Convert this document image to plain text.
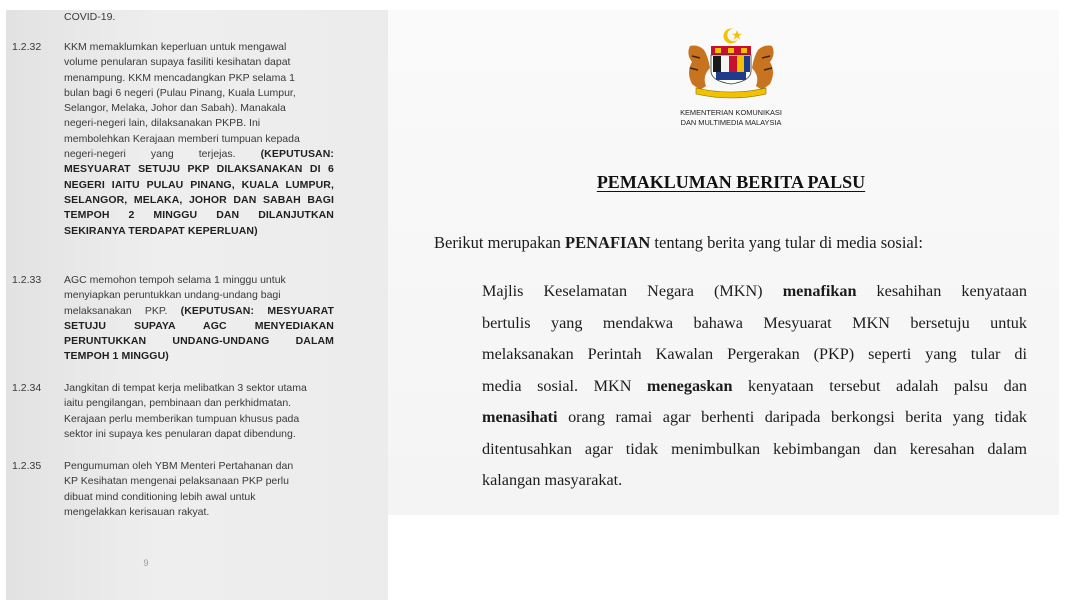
COVID-19.
1.2.32 KKM memaklumkan keperluan untuk mengawal
volume penularan supaya fasiliti kesihatan dapat
menampung. KKM mencadangkan PKP selama 1
bulan bagi 6 negeri (Pulau Pinang, Kuala Lumpur,
Selangor, Melaka, Johor dan Sabah). Manakala
negeri-negeri lain, dilaksanakan PKPB. Ini
membolehkan Kerajaan memberi tumpuan kepada
negeri-negeri yang terjejas. (KEPUTUSAN: MESYUARAT SETUJU PKP DILAKSANAKAN DI 6 NEGERI IAITU PULAU PINANG, KUALA LUMPUR, SELANGOR, MELAKA, JOHOR DAN SABAH BAGI TEMPOH 2 MINGGU DAN DILANJUTKAN SEKIRANYA TERDAPAT KEPERLUAN)
1.2.33 AGC memohon tempoh selama 1 minggu untuk
menyiapkan peruntukkan undang-undang bagi
melaksanakan PKP. (KEPUTUSAN: MESYUARAT SETUJU SUPAYA AGC MENYEDIAKAN PERUNTUKKAN UNDANG-UNDANG DALAM TEMPOH 1 MINGGU)
1.2.34 Jangkitan di tempat kerja melibatkan 3 sektor utama
iaitu pengilangan, pembinaan dan perkhidmatan.
Kerajaan perlu memberikan tumpuan khusus pada
sektor ini supaya kes penularan dapat dibendung.
1.2.35 Pengumuman oleh YBM Menteri Pertahanan dan
KP Kesihatan mengenai pelaksanaan PKP perlu
dibuat mind conditioning lebih awal untuk
mengelakkan kerisauan rakyat.
9
KEMENTERIAN KOMUNIKASI
DAN MULTIMEDIA MALAYSIA
PEMAKLUMAN BERITA PALSU
Berikut merupakan PENAFIAN tentang berita yang tular di media sosial:
Majlis Keselamatan Negara (MKN) menafikan kesahihan kenyataan
bertulis yang mendakwa bahawa Mesyuarat MKN bersetuju untuk
melaksanakan Perintah Kawalan Pergerakan (PKP) seperti yang tular di
media sosial. MKN menegaskan kenyataan tersebut adalah palsu dan
menasihati orang ramai agar berhenti daripada berkongsi berita yang tidak
ditentusahkan agar tidak menimbulkan kebimbangan dan keresahan dalam
kalangan masyarakat.
